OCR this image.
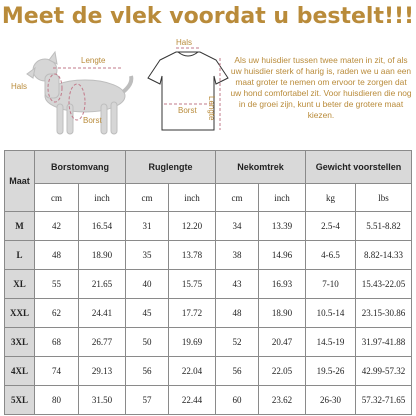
Meet de vlek voordat u bestelt!!!
Hals
Lengte
Borst
Hals
Lengte
Borst
Als uw huisdier tussen twee maten in zit, of als uw huisdier sterk of harig is, raden we u aan een maat groter te nemen om ervoor te zorgen dat uw hond comfortabel zit. Voor huisdieren die nog in de groei zijn, kunt u beter de grotere maat kiezen.
Maat	Borstomvang		Ruglengte		Nekomtrek		Gewicht voorstellen	
	cm	inch	cm	inch	cm	inch	kg	lbs
M	42	16.54	31	12.20	34	13.39	2.5-4	5.51-8.82
L	48	18.90	35	13.78	38	14.96	4-6.5	8.82-14.33
XL	55	21.65	40	15.75	43	16.93	7-10	15.43-22.05
XXL	62	24.41	45	17.72	48	18.90	10.5-14	23.15-30.86
3XL	68	26.77	50	19.69	52	20.47	14.5-19	31.97-41.88
4XL	74	29.13	56	22.04	56	22.05	19.5-26	42.99-57.32
5XL	80	31.50	57	22.44	60	23.62	26-30	57.32-71.65
